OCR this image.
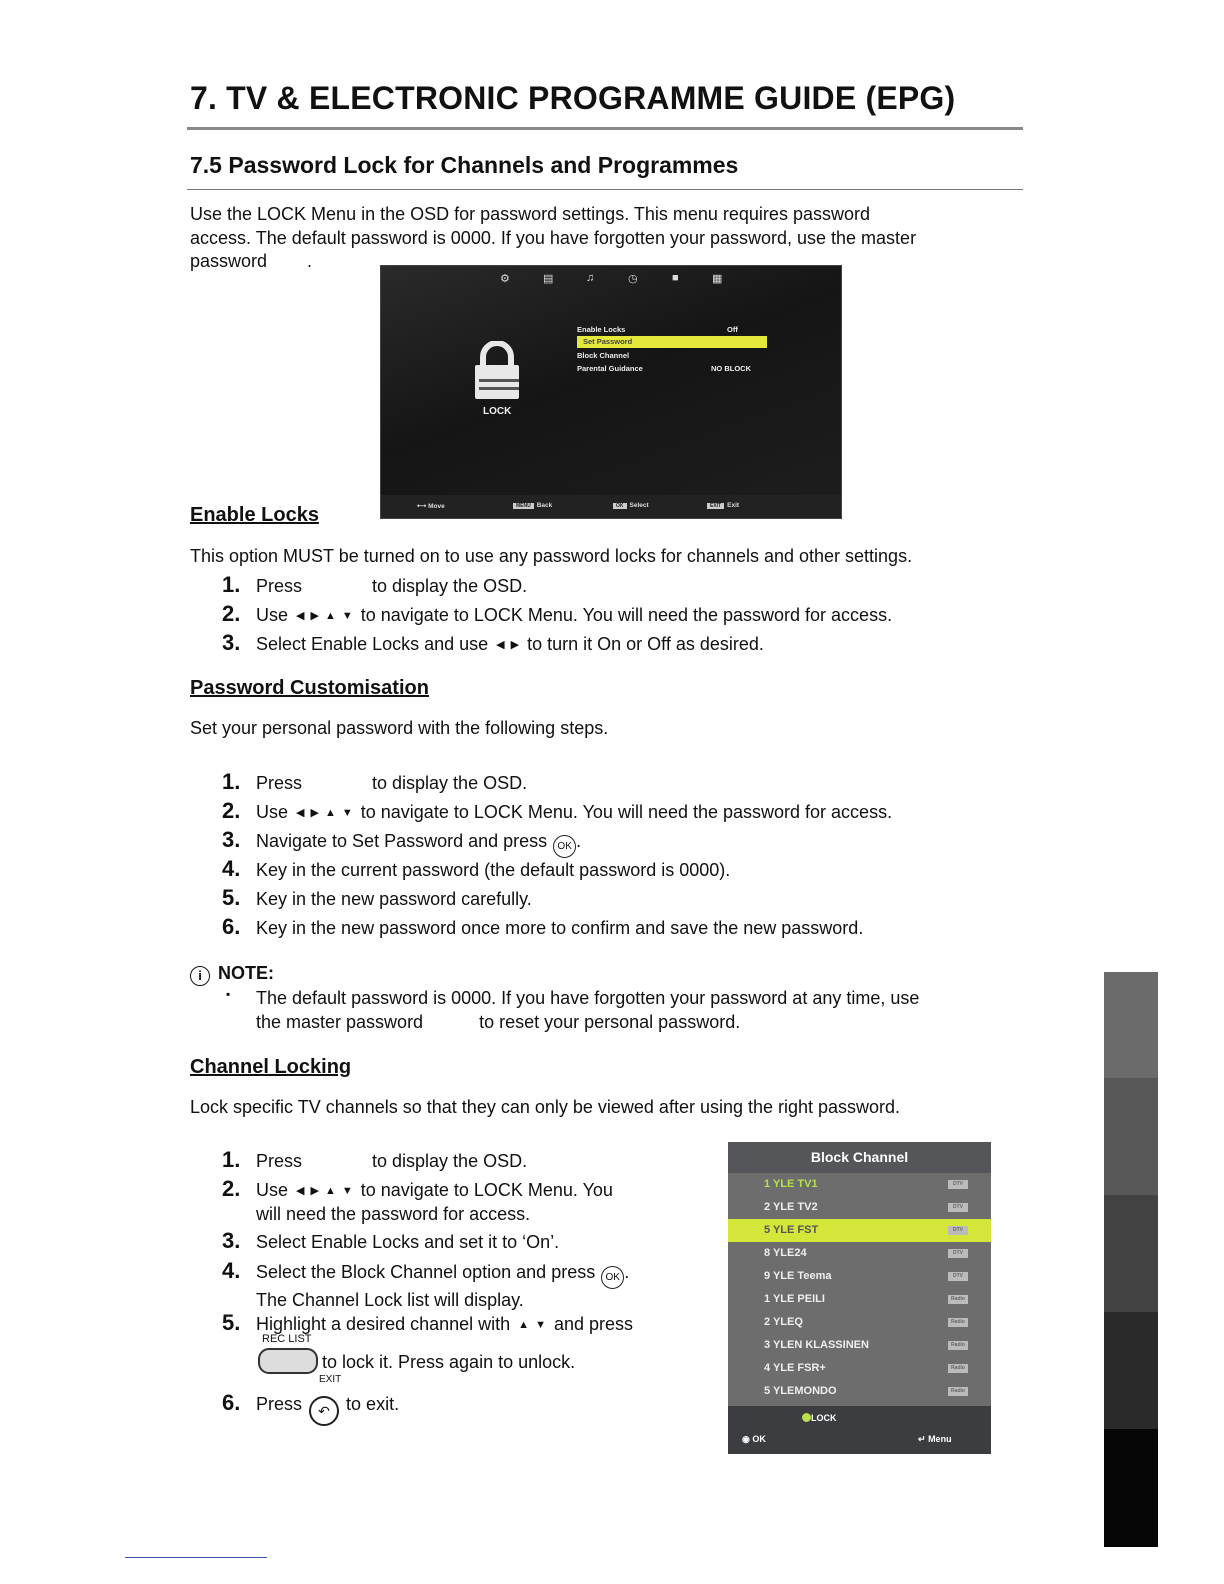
7. TV & ELECTRONIC PROGRAMME GUIDE (EPG)
7.5 Password Lock for Channels and Programmes
Use the LOCK Menu in the OSD for password settings. This menu requires password
access. The default password is 0000. If you have forgotten your password, use the master
password        .
⚙	▤	♫	◷	■	▦
LOCK
Enable Locks	Off
Set Password
Block Channel
Parental Guidance	NO BLOCK
⟷ Move	MENU Back	OK Select	EXIT Exit
Enable Locks
This option MUST be turned on to use any password locks for channels and other settings.
1. Press	to display the OSD.
2. Use ◀ ▶ ▲ ▼ to navigate to LOCK Menu. You will need the password for access.
3. Select Enable Locks and use ◀ ▶ to turn it On or Off as desired.
Password Customisation
Set your personal password with the following steps.
1. Press	to display the OSD.
2. Use ◀ ▶ ▲ ▼ to navigate to LOCK Menu. You will need the password for access.
3. Navigate to Set Password and press OK .
4. Key in the current password (the default password is 0000).
5. Key in the new password carefully.
6. Key in the new password once more to confirm and save the new password.
i NOTE:
▪ The default password is 0000. If you have forgotten your password at any time, use
the master password	to reset your personal password.
Channel Locking
Lock specific TV channels so that they can only be viewed after using the right password.
1. Press	to display the OSD.
2. Use ◀ ▶ ▲ ▼ to navigate to LOCK Menu. You
will need the password for access.
3. Select Enable Locks and set it to ‘On’.
4. Select the Block Channel option and press OK .
The Channel Lock list will display.
5. Highlight a desired channel with ▲ ▼ and press
REC LIST
to lock it. Press again to unlock.
EXIT
6. Press ↶ to exit.
Block Channel
1 YLE TV1	DTV
2 YLE TV2	DTV
5 YLE FST	DTV
8 YLE24	DTV
9 YLE Teema	DTV
1 YLE PEILI	Radio
2 YLEQ	Radio
3 YLEN KLASSINEN	Radio
4 YLE FSR+	Radio
5 YLEMONDO	Radio
LOCK
◉ OK	↵ Menu
